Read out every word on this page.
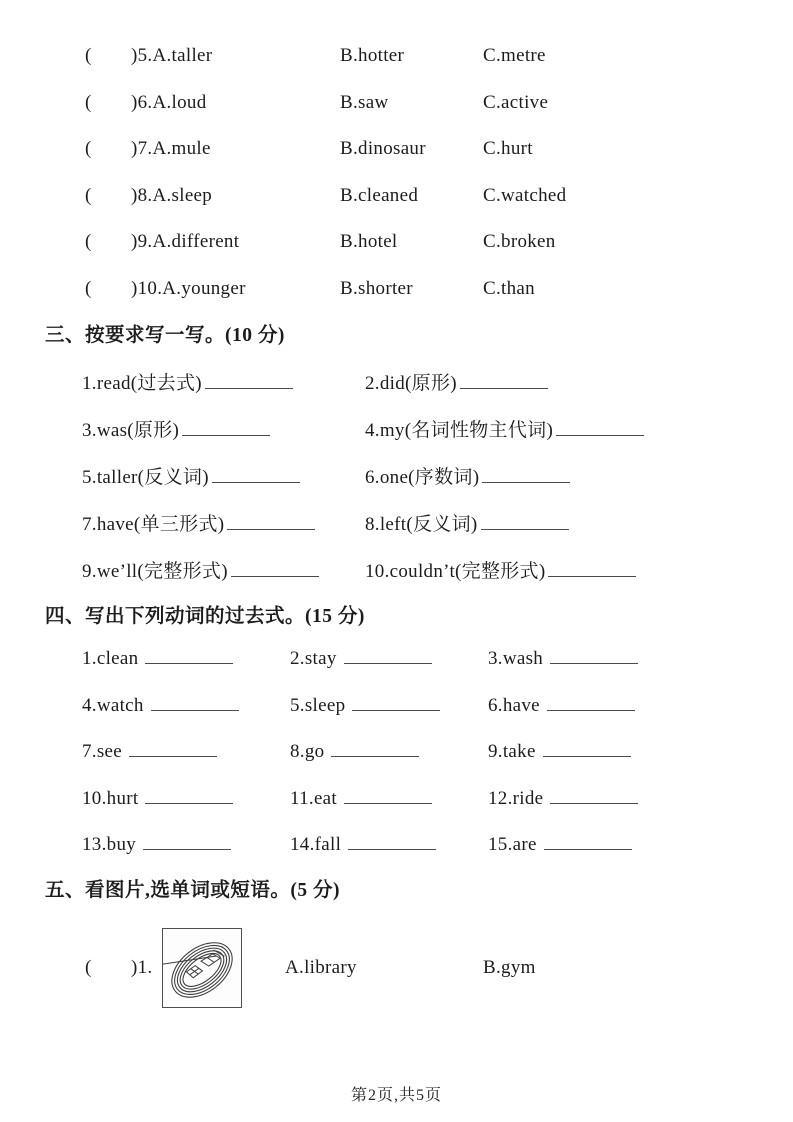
(	)5.A.taller	B.hotter	C.metre
(	)6.A.loud	B.saw	C.active
(	)7.A.mule	B.dinosaur	C.hurt
(	)8.A.sleep	B.cleaned	C.watched
(	)9.A.different	B.hotel	C.broken
(	)10.A.younger	B.shorter	C.than
三、按要求写一写。(10 分)
1.read(过去式)	2.did(原形)
3.was(原形)	4.my(名词性物主代词)
5.taller(反义词)	6.one(序数词)
7.have(单三形式)	8.left(反义词)
9.we’ll(完整形式)	10.couldn’t(完整形式)
四、写出下列动词的过去式。(15 分)
1.clean	2.stay	3.wash
4.watch	5.sleep	6.have
7.see	8.go	9.take
10.hurt	11.eat	12.ride
13.buy	14.fall	15.are
五、看图片,选单词或短语。(5 分)
(	)1.	A.library	B.gym
第2页,共5页
